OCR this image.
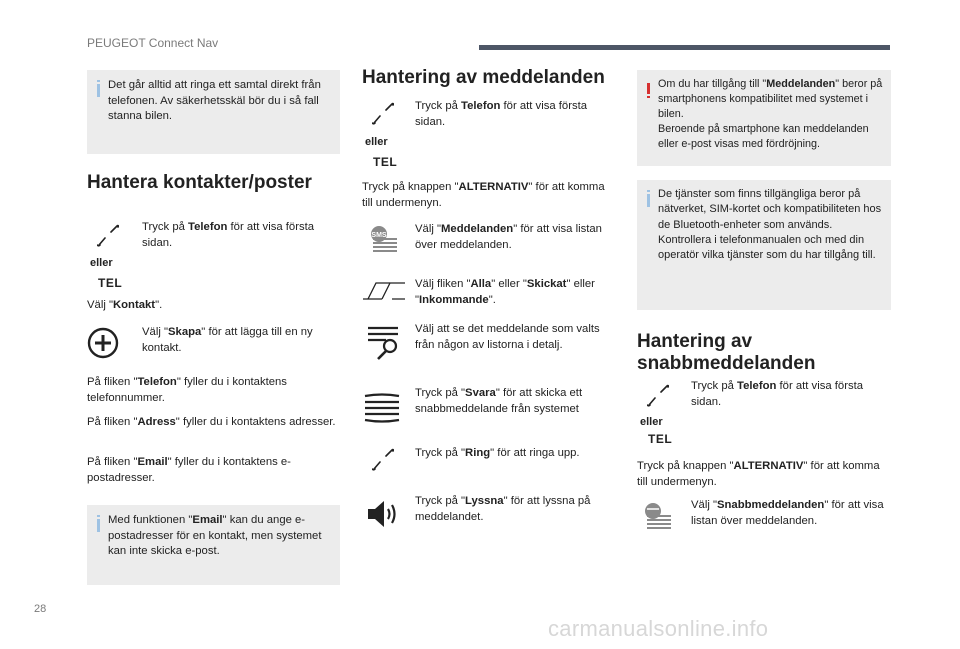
PEUGEOT Connect Nav

Det går alltid att ringa ett samtal direkt från telefonen. Av säkerhetsskäl bör du i så fall stanna bilen.

Hantera kontakter/poster
eller
TEL
Tryck på Telefon för att visa första sidan.
Välj "Kontakt".
Välj "Skapa" för att lägga till en ny kontakt.
På fliken "Telefon" fyller du i kontaktens telefonnummer.
På fliken "Adress" fyller du i kontaktens adresser.
På fliken "Email" fyller du i kontaktens e-postadresser.

Med funktionen "Email" kan du ange e-postadresser för en kontakt, men systemet kan inte skicka e-post.

28
Hantering av meddelanden
eller
TEL
Tryck på Telefon för att visa första sidan.
Tryck på knappen "ALTERNATIV" för att komma till undermenyn.
SMS
Välj "Meddelanden" för att visa listan över meddelanden.
Välj fliken "Alla" eller "Skickat" eller "Inkommande".
Välj att se det meddelande som valts från någon av listorna i detalj.
Tryck på "Svara" för att skicka ett snabbmeddelande från systemet
Tryck på "Ring" för att ringa upp.
Tryck på "Lyssna" för att lyssna på meddelandet.

Om du har tillgång till "Meddelanden" beror på smartphonens kompatibilitet med systemet i bilen.
Beroende på smartphone kan meddelanden eller e-post visas med fördröjning.

De tjänster som finns tillgängliga beror på nätverket, SIM-kortet och kompatibiliteten hos de Bluetooth-enheter som används. Kontrollera i telefonmanualen och med din operatör vilka tjänster som du har tillgång till.

Hantering av snabbmeddelanden
eller
TEL
Tryck på Telefon för att visa första sidan.
Tryck på knappen "ALTERNATIV" för att komma till undermenyn.
Välj "Snabbmeddelanden" för att visa listan över meddelanden.
carmanualsonline.info
